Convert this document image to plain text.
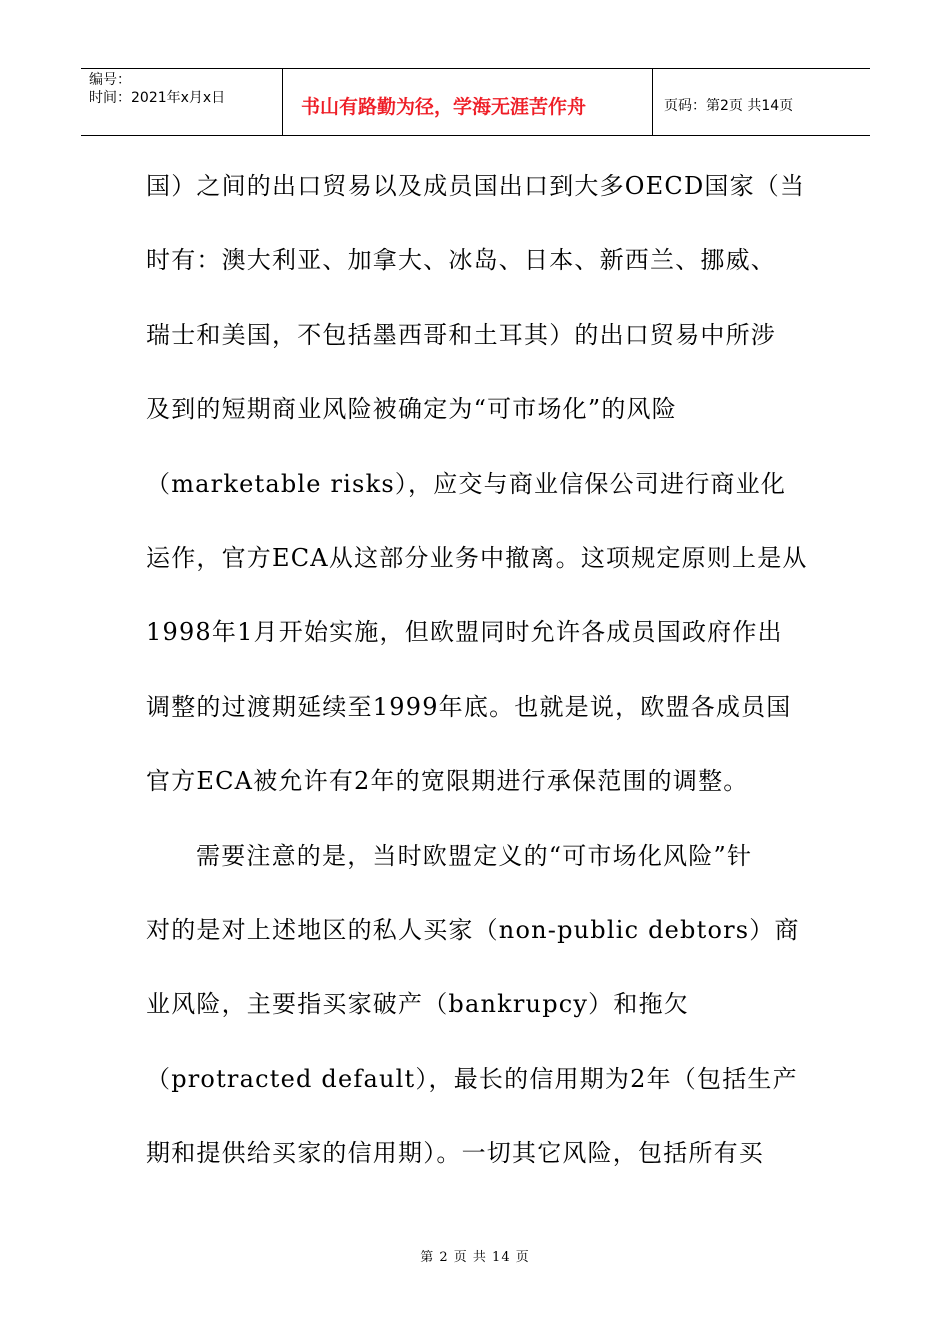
编号：
时间：2021年x月x日	书山有路勤为径，学海无涯苦作舟	页码：第2页 共14页

国）之间的出口贸易以及成员国出口到大多OECD国家（当

时有：澳大利亚、加拿大、冰岛、日本、新西兰、挪威、

瑞士和美国，不包括墨西哥和土耳其）的出口贸易中所涉

及到的短期商业风险被确定为“可市场化”的风险

（marketable risks），应交与商业信保公司进行商业化

运作，官方ECA从这部分业务中撤离。这项规定原则上是从

1998年1月开始实施，但欧盟同时允许各成员国政府作出

调整的过渡期延续至1999年底。也就是说，欧盟各成员国

官方ECA被允许有2年的宽限期进行承保范围的调整。

需要注意的是，当时欧盟定义的“可市场化风险”针

对的是对上述地区的私人买家（non-public debtors）商

业风险，主要指买家破产（bankrupcy）和拖欠

（protracted default），最长的信用期为2年（包括生产

期和提供给买家的信用期）。一切其它风险，包括所有买

第 2 页 共 14 页
